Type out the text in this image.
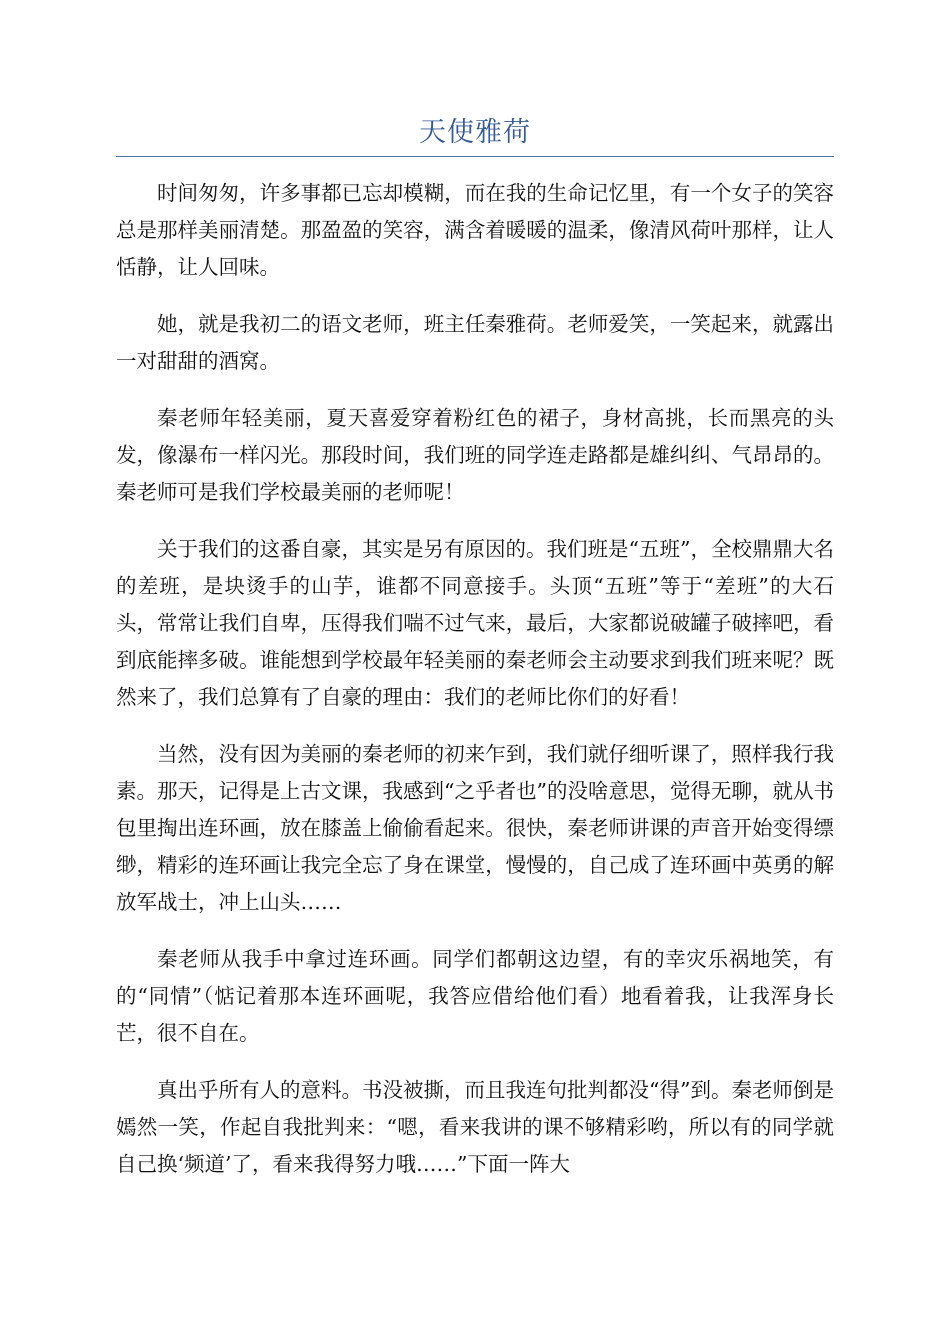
天使雅荷

时间匆匆，许多事都已忘却模糊，而在我的生命记忆里，有一个女子的笑容总是那样美丽清楚。那盈盈的笑容，满含着暖暖的温柔，像清风荷叶那样，让人恬静，让人回味。

她，就是我初二的语文老师，班主任秦雅荷。老师爱笑，一笑起来，就露出一对甜甜的酒窝。

秦老师年轻美丽，夏天喜爱穿着粉红色的裙子，身材高挑，长而黑亮的头发，像瀑布一样闪光。那段时间，我们班的同学连走路都是雄纠纠、气昂昂的。秦老师可是我们学校最美丽的老师呢！

关于我们的这番自豪，其实是另有原因的。我们班是“五班”，全校鼎鼎大名的差班，是块烫手的山芋，谁都不同意接手。头顶“五班”等于“差班”的大石头，常常让我们自卑，压得我们喘不过气来，最后，大家都说破罐子破摔吧，看到底能摔多破。谁能想到学校最年轻美丽的秦老师会主动要求到我们班来呢？既然来了，我们总算有了自豪的理由：我们的老师比你们的好看！

当然，没有因为美丽的秦老师的初来乍到，我们就仔细听课了，照样我行我素。那天，记得是上古文课，我感到“之乎者也”的没啥意思，觉得无聊，就从书包里掏出连环画，放在膝盖上偷偷看起来。很快，秦老师讲课的声音开始变得缥缈，精彩的连环画让我完全忘了身在课堂，慢慢的，自己成了连环画中英勇的解放军战士，冲上山头……

秦老师从我手中拿过连环画。同学们都朝这边望，有的幸灾乐祸地笑，有的“同情”（惦记着那本连环画呢，我答应借给他们看）地看着我，让我浑身长芒，很不自在。

真出乎所有人的意料。书没被撕，而且我连句批判都没“得”到。秦老师倒是嫣然一笑，作起自我批判来：“嗯，看来我讲的课不够精彩哟，所以有的同学就自己换‘频道’了，看来我得努力哦……”下面一阵大
